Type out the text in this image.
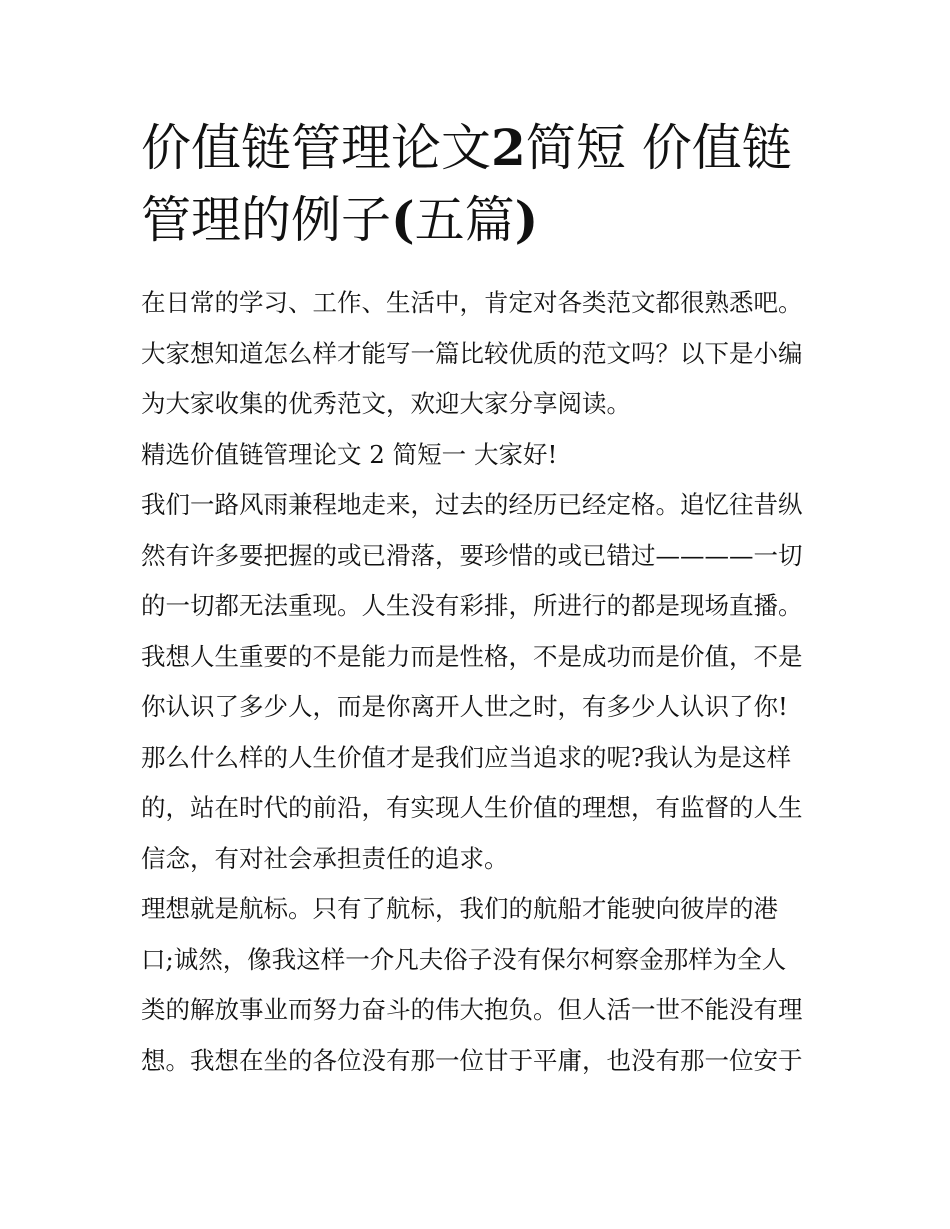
价值链管理论文2简短 价值链
管理的例子(五篇)
在日常的学习、工作、生活中，肯定对各类范文都很熟悉吧。
大家想知道怎么样才能写一篇比较优质的范文吗？以下是小编
为大家收集的优秀范文，欢迎大家分享阅读。
精选价值链管理论文 2 简短一 大家好!
我们一路风雨兼程地走来，过去的经历已经定格。追忆往昔纵
然有许多要把握的或已滑落，要珍惜的或已错过————一切
的一切都无法重现。人生没有彩排，所进行的都是现场直播。
我想人生重要的不是能力而是性格，不是成功而是价值，不是
你认识了多少人，而是你离开人世之时，有多少人认识了你!
那么什么样的人生价值才是我们应当追求的呢?我认为是这样
的，站在时代的前沿，有实现人生价值的理想，有监督的人生
信念，有对社会承担责任的追求。
理想就是航标。只有了航标，我们的航船才能驶向彼岸的港
口;诚然，像我这样一介凡夫俗子没有保尔柯察金那样为全人
类的解放事业而努力奋斗的伟大抱负。但人活一世不能没有理
想。我想在坐的各位没有那一位甘于平庸，也没有那一位安于
